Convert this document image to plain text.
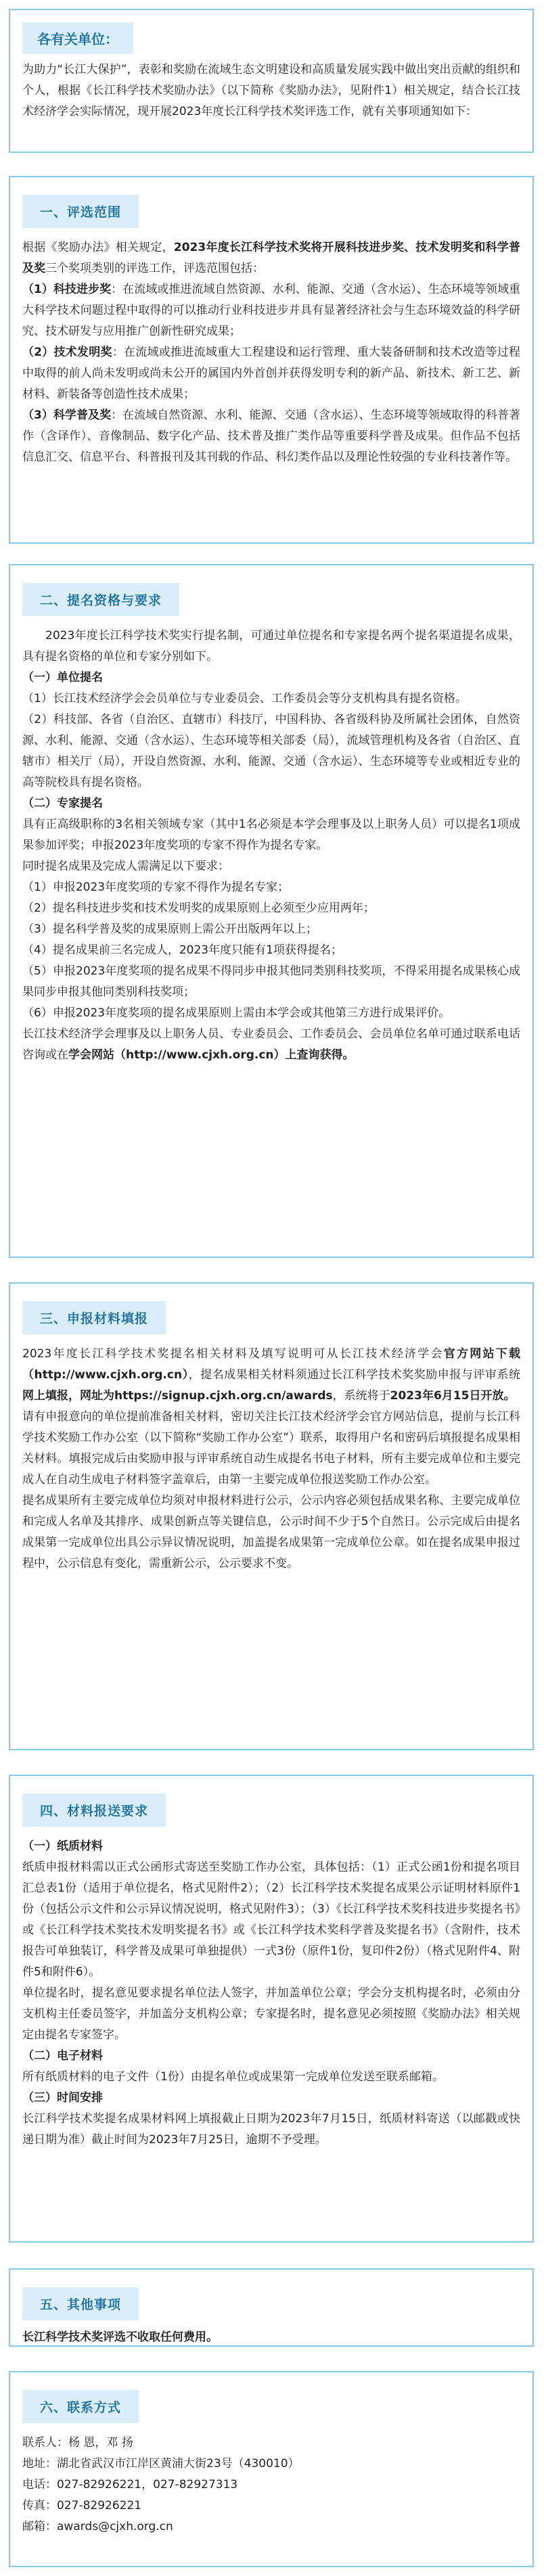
各有关单位：

为助力“长江大保护”，表彰和奖励在流域生态文明建设和高质量发展实践中做出突出贡献的组织和个人，根据《长江科学技术奖励办法》（以下简称《奖励办法》，见附件1）相关规定，结合长江技术经济学会实际情况，现开展2023年度长江科学技术奖评选工作，就有关事项通知如下：

一、评选范围

根据《奖励办法》相关规定，2023年度长江科学技术奖将开展科技进步奖、技术发明奖和科学普及奖三个奖项类别的评选工作，评选范围包括：

（1）科技进步奖：在流域或推进流域自然资源、水利、能源、交通（含水运）、生态环境等领域重大科学技术问题过程中取得的可以推动行业科技进步并具有显著经济社会与生态环境效益的科学研究、技术研发与应用推广创新性研究成果；

（2）技术发明奖：在流域或推进流域重大工程建设和运行管理、重大装备研制和技术改造等过程中取得的前人尚未发明或尚未公开的属国内外首创并获得发明专利的新产品、新技术、新工艺、新材料、新装备等创造性技术成果；

（3）科学普及奖：在流域自然资源、水利、能源、交通（含水运）、生态环境等领域取得的科普著作（含译作）、音像制品、数字化产品、技术普及推广类作品等重要科学普及成果。但作品不包括信息汇交、信息平台、科普报刊及其刊载的作品、科幻类作品以及理论性较强的专业科技著作等。

二、提名资格与要求

2023年度长江科学技术奖实行提名制，可通过单位提名和专家提名两个提名渠道提名成果，具有提名资格的单位和专家分别如下。

（一）单位提名

（1）长江技术经济学会会员单位与专业委员会、工作委员会等分支机构具有提名资格。

（2）科技部、各省（自治区、直辖市）科技厅，中国科协、各省级科协及所属社会团体，自然资源、水利、能源、交通（含水运）、生态环境等相关部委（局），流域管理机构及各省（自治区、直辖市）相关厅（局），开设自然资源、水利、能源、交通（含水运）、生态环境等专业或相近专业的高等院校具有提名资格。

（二）专家提名

具有正高级职称的3名相关领域专家（其中1名必须是本学会理事及以上职务人员）可以提名1项成果参加评奖；申报2023年度奖项的专家不得作为提名专家。

同时提名成果及完成人需满足以下要求：

（1）申报2023年度奖项的专家不得作为提名专家；

（2）提名科技进步奖和技术发明奖的成果原则上必须至少应用两年；

（3）提名科学普及奖的成果原则上需公开出版两年以上；

（4）提名成果前三名完成人，2023年度只能有1项获得提名；

（5）申报2023年度奖项的提名成果不得同步申报其他同类别科技奖项，不得采用提名成果核心成果同步申报其他同类别科技奖项；

（6）申报2023年度奖项的提名成果原则上需由本学会或其他第三方进行成果评价。

长江技术经济学会理事及以上职务人员、专业委员会、工作委员会、会员单位名单可通过联系电话咨询或在学会网站（http://www.cjxh.org.cn）上查询获得。

三、申报材料填报

2023年度长江科学技术奖提名相关材料及填写说明可从长江技术经济学会官方网站下载（http://www.cjxh.org.cn），提名成果相关材料须通过长江科学技术奖奖励申报与评审系统网上填报，网址为https://signup.cjxh.org.cn/awards，系统将于2023年6月15日开放。

请有申报意向的单位提前准备相关材料，密切关注长江技术经济学会官方网站信息，提前与长江科学技术奖励工作办公室（以下简称“奖励工作办公室”）联系，取得用户名和密码后填报提名成果相关材料。填报完成后由奖励申报与评审系统自动生成提名书电子材料，所有主要完成单位和主要完成人在自动生成电子材料签字盖章后，由第一主要完成单位报送奖励工作办公室。

提名成果所有主要完成单位均须对申报材料进行公示，公示内容必须包括成果名称、主要完成单位和完成人名单及其排序、成果创新点等关键信息，公示时间不少于5个自然日。公示完成后由提名成果第一完成单位出具公示异议情况说明，加盖提名成果第一完成单位公章。如在提名成果申报过程中，公示信息有变化，需重新公示，公示要求不变。

四、材料报送要求

（一）纸质材料

纸质申报材料需以正式公函形式寄送至奖励工作办公室，具体包括：（1）正式公函1份和提名项目汇总表1份（适用于单位提名，格式见附件2）；（2）长江科学技术奖提名成果公示证明材料原件1份（包括公示文件和公示异议情况说明，格式见附件3）；（3）《长江科学技术奖科技进步奖提名书》或《长江科学技术奖技术发明奖提名书》或《长江科学技术奖科学普及奖提名书》（含附件，技术报告可单独装订，科学普及成果可单独提供）一式3份（原件1份，复印件2份）（格式见附件4、附件5和附件6）。

单位提名时，提名意见要求提名单位法人签字，并加盖单位公章；学会分支机构提名时，必须由分支机构主任委员签字，并加盖分支机构公章；专家提名时，提名意见必须按照《奖励办法》相关规定由提名专家签字。

（二）电子材料

所有纸质材料的电子文件（1份）由提名单位或成果第一完成单位发送至联系邮箱。

（三）时间安排

长江科学技术奖提名成果材料网上填报截止日期为2023年7月15日，纸质材料寄送（以邮戳或快递日期为准）截止时间为2023年7月25日，逾期不予受理。

五、其他事项

长江科学技术奖评选不收取任何费用。

六、联系方式

联系人：杨 恩，邓 扬

地址：湖北省武汉市江岸区黄浦大街23号（430010）

电话：027-82926221，027-82927313

传真：027-82926221

邮箱：awards@cjxh.org.cn
